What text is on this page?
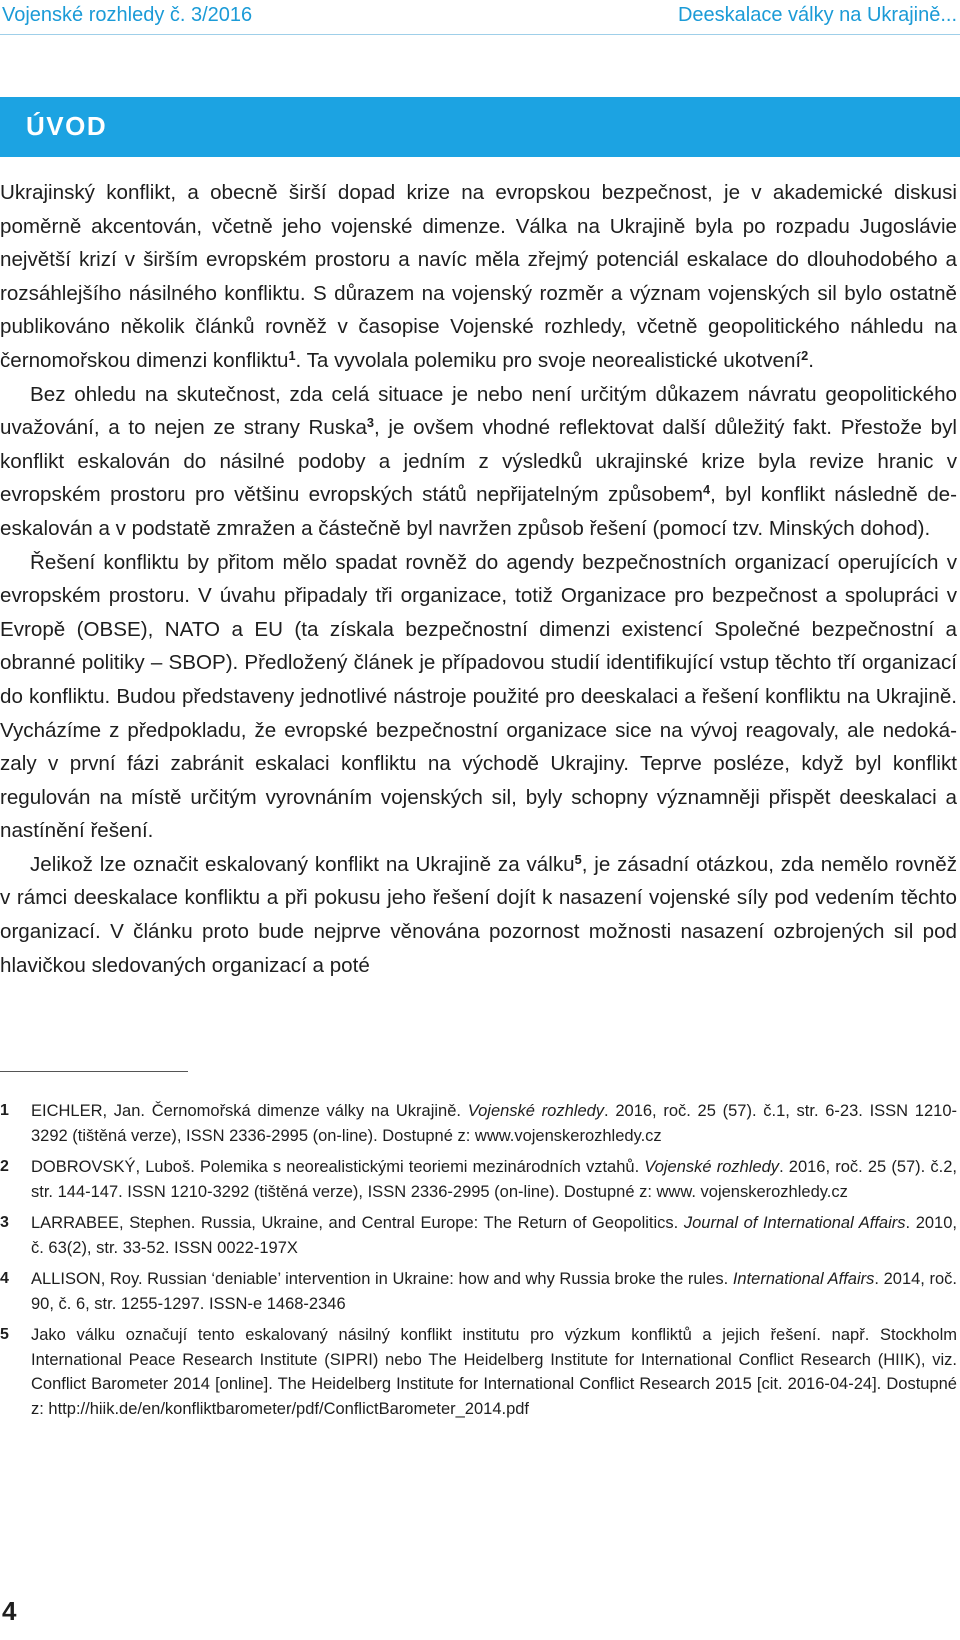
Vojenské rozhledy č. 3/2016	Deeskalace války na Ukrajině...
ÚVOD

Ukrajinský konflikt, a obecně širší dopad krize na evropskou bezpečnost, je v akademické diskusi poměrně akcentován, včetně jeho vojenské dimenze. Válka na Ukrajině byla po rozpadu Jugoslávie největší krizí v širším evropském prostoru a navíc měla zřejmý potenciál eskalace do dlouhodobého a rozsáhlejšího násilného konfliktu. S důrazem na vojenský rozměr a význam vojenských sil bylo ostatně publikováno několik článků rovněž v časopise Vojenské rozhledy, včetně geopolitického náhledu na černomořskou dimenzi konfliktu$^1$. Ta vyvolala polemiku pro svoje neorealistické ukotvení$^2$.

Bez ohledu na skutečnost, zda celá situace je nebo není určitým důkazem návratu geopolitického uvažování, a to nejen ze strany Ruska$^3$, je ovšem vhodné reflektovat další důležitý fakt. Přestože byl konflikt eskalován do násilné podoby a jedním z výsledků ukrajinské krize byla revize hranic v evropském prostoru pro většinu evropských států nepřijatelným způsobem$^4$, byl konflikt následně de-eskalován a v podstatě zmražen a částečně byl navržen způsob řešení (pomocí tzv. Minských dohod).

Řešení konfliktu by přitom mělo spadat rovněž do agendy bezpečnostních organizací operujících v evropském prostoru. V úvahu připadaly tři organizace, totiž Organizace pro bezpečnost a spolupráci v Evropě (OBSE), NATO a EU (ta získala bezpečnostní dimenzi existencí Společné bezpečnostní a obranné politiky – SBOP). Předložený článek je případovou studií identifikující vstup těchto tří organizací do konfliktu. Budou představeny jednotlivé nástroje použité pro deeskalaci a řešení konfliktu na Ukrajině. Vycházíme z předpokladu, že evropské bezpečnostní organizace sice na vývoj reagovaly, ale nedokázaly v první fázi zabránit eskalaci konfliktu na východě Ukrajiny. Teprve posléze, když byl konflikt regulován na místě určitým vyrovnáním vojenských sil, byly schopny významněji přispět deeskalaci a nastínění řešení.

Jelikož lze označit eskalovaný konflikt na Ukrajině za válku$^5$, je zásadní otázkou, zda nemělo rovněž v rámci deeskalace konfliktu a při pokusu jeho řešení dojít k nasazení vojenské síly pod vedením těchto organizací. V článku proto bude nejprve věnována pozornost možnosti nasazení ozbrojených sil pod hlavičkou sledovaných organizací a poté

1 EICHLER, Jan. Černomořská dimenze války na Ukrajině. Vojenské rozhledy. 2016, roč. 25 (57). č.1, str. 6-23. ISSN 1210-3292 (tištěná verze), ISSN 2336-2995 (on-line). Dostupné z: www.vojenskerozhledy.cz
2 DOBROVSKÝ, Luboš. Polemika s neorealistickými teoriemi mezinárodních vztahů. Vojenské rozhledy. 2016, roč. 25 (57). č.2, str. 144-147. ISSN 1210-3292 (tištěná verze), ISSN 2336-2995 (on-line). Dostupné z: www. vojenskerozhledy.cz
3 LARRABEE, Stephen. Russia, Ukraine, and Central Europe: The Return of Geopolitics. Journal of International Affairs. 2010, č. 63(2), str. 33-52. ISSN 0022-197X
4 ALLISON, Roy. Russian ‘deniable’ intervention in Ukraine: how and why Russia broke the rules. International Affairs. 2014, roč. 90, č. 6, str. 1255-1297. ISSN-e 1468-2346
5 Jako válku označují tento eskalovaný násilný konflikt institutu pro výzkum konfliktů a jejich řešení. např. Stockholm International Peace Research Institute (SIPRI) nebo The Heidelberg Institute for International Conflict Research (HIIK), viz. Conflict Barometer 2014 [online]. The Heidelberg Institute for International Conflict Research 2015 [cit. 2016-04-24]. Dostupné z: http://hiik.de/en/konfliktbarometer/pdf/ConflictBarometer_2014.pdf
4
